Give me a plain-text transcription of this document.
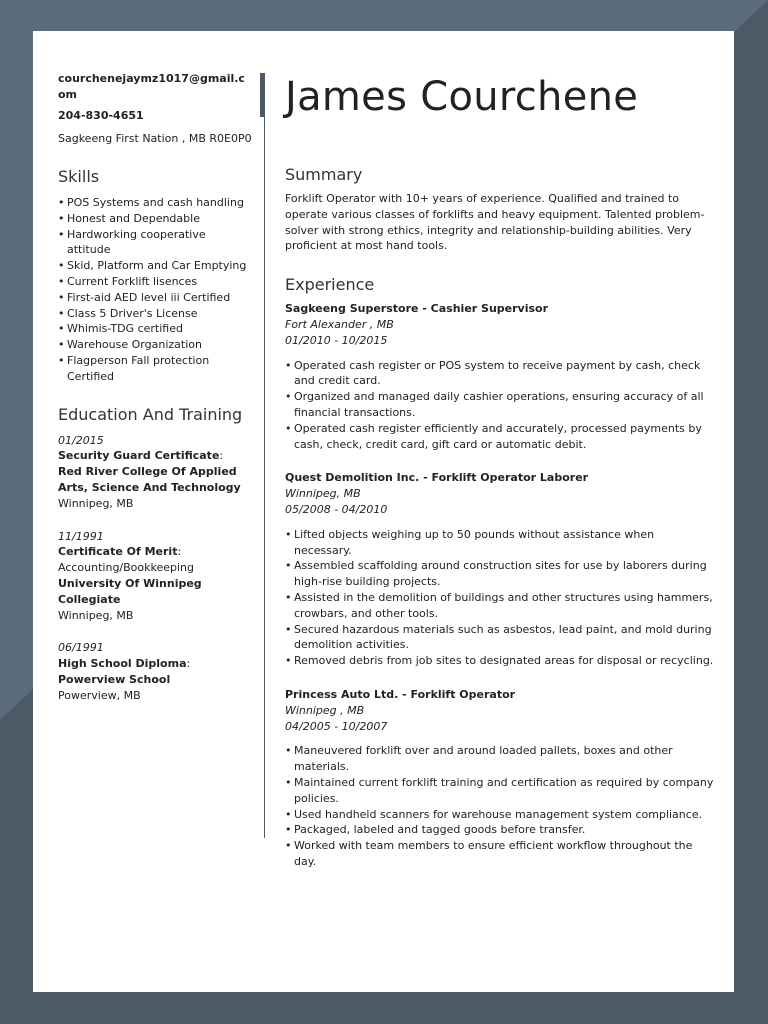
courchenejaymz1017@gmail.com
204-830-4651
Sagkeeng First Nation , MB R0E0P0
Skills
• POS Systems and cash handling
• Honest and Dependable
• Hardworking cooperative attitude
• Skid, Platform and Car Emptying
• Current Forklift lisences
• First-aid AED level iii Certified
• Class 5 Driver's License
• Whimis-TDG certified
• Warehouse Organization
• Flagperson Fall protection Certified
Education And Training
01/2015
Security Guard Certificate:
Red River College Of Applied Arts, Science And Technology
Winnipeg, MB
11/1991
Certificate Of Merit:
Accounting/Bookkeeping
University Of Winnipeg Collegiate
Winnipeg, MB
06/1991
High School Diploma:
Powerview School
Powerview, MB
James Courchene
Summary
Forklift Operator with 10+ years of experience. Qualified and trained to operate various classes of forklifts and heavy equipment. Talented problem-solver with strong ethics, integrity and relationship-building abilities. Very proficient at most hand tools.
Experience
Sagkeeng Superstore - Cashier Supervisor
Fort Alexander , MB
01/2010 - 10/2015
• Operated cash register or POS system to receive payment by cash, check and credit card.
• Organized and managed daily cashier operations, ensuring accuracy of all financial transactions.
• Operated cash register efficiently and accurately, processed payments by cash, check, credit card, gift card or automatic debit.
Quest Demolition Inc. - Forklift Operator Laborer
Winnipeg, MB
05/2008 - 04/2010
• Lifted objects weighing up to 50 pounds without assistance when necessary.
• Assembled scaffolding around construction sites for use by laborers during high-rise building projects.
• Assisted in the demolition of buildings and other structures using hammers, crowbars, and other tools.
• Secured hazardous materials such as asbestos, lead paint, and mold during demolition activities.
• Removed debris from job sites to designated areas for disposal or recycling.
Princess Auto Ltd. - Forklift Operator
Winnipeg , MB
04/2005 - 10/2007
• Maneuvered forklift over and around loaded pallets, boxes and other materials.
• Maintained current forklift training and certification as required by company policies.
• Used handheld scanners for warehouse management system compliance.
• Packaged, labeled and tagged goods before transfer.
• Worked with team members to ensure efficient workflow throughout the day.
